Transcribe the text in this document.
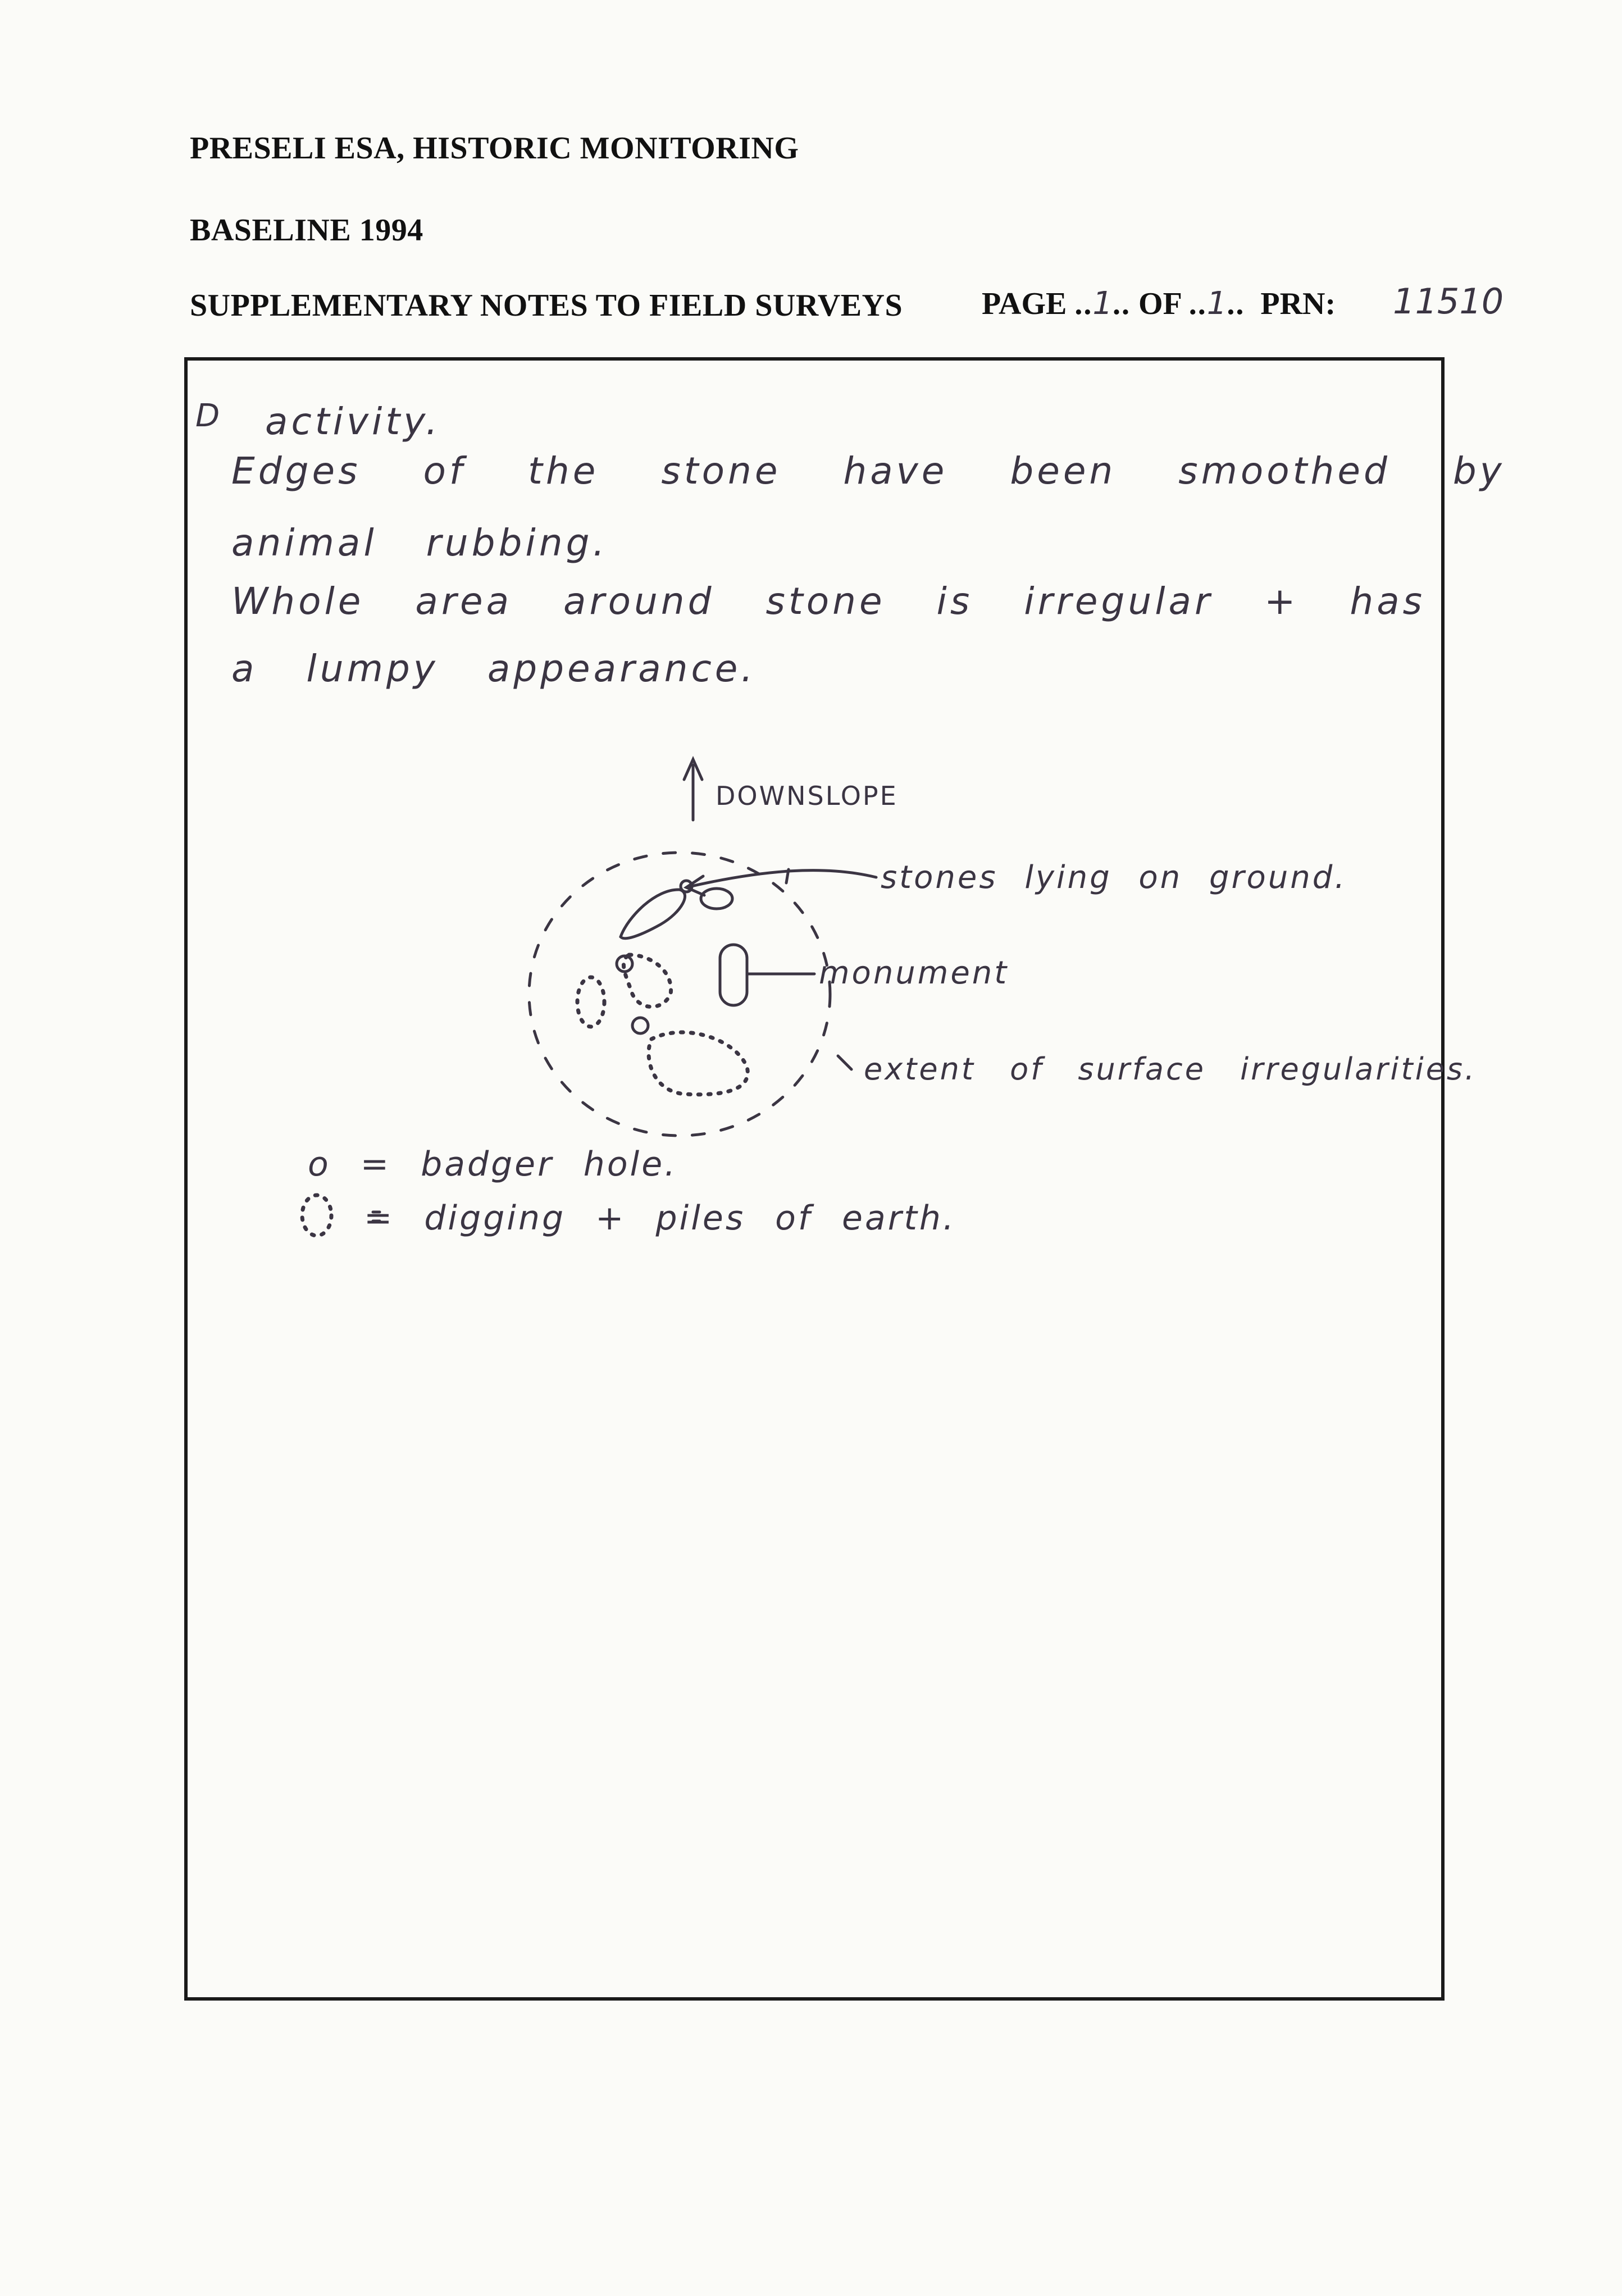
PRESELI ESA, HISTORIC MONITORING
BASELINE 1994
SUPPLEMENTARY NOTES TO FIELD SURVEYS	PAGE ..1.. OF ..1.. PRN: 11510
D activity.
Edges of the stone have been smoothed by
animal rubbing.
Whole area around stone is irregular + has
a lumpy appearance.
DOWNSLOPE
stones lying on ground.
monument
extent of surface irregularities.
o = badger hole.
= digging + piles of earth.
